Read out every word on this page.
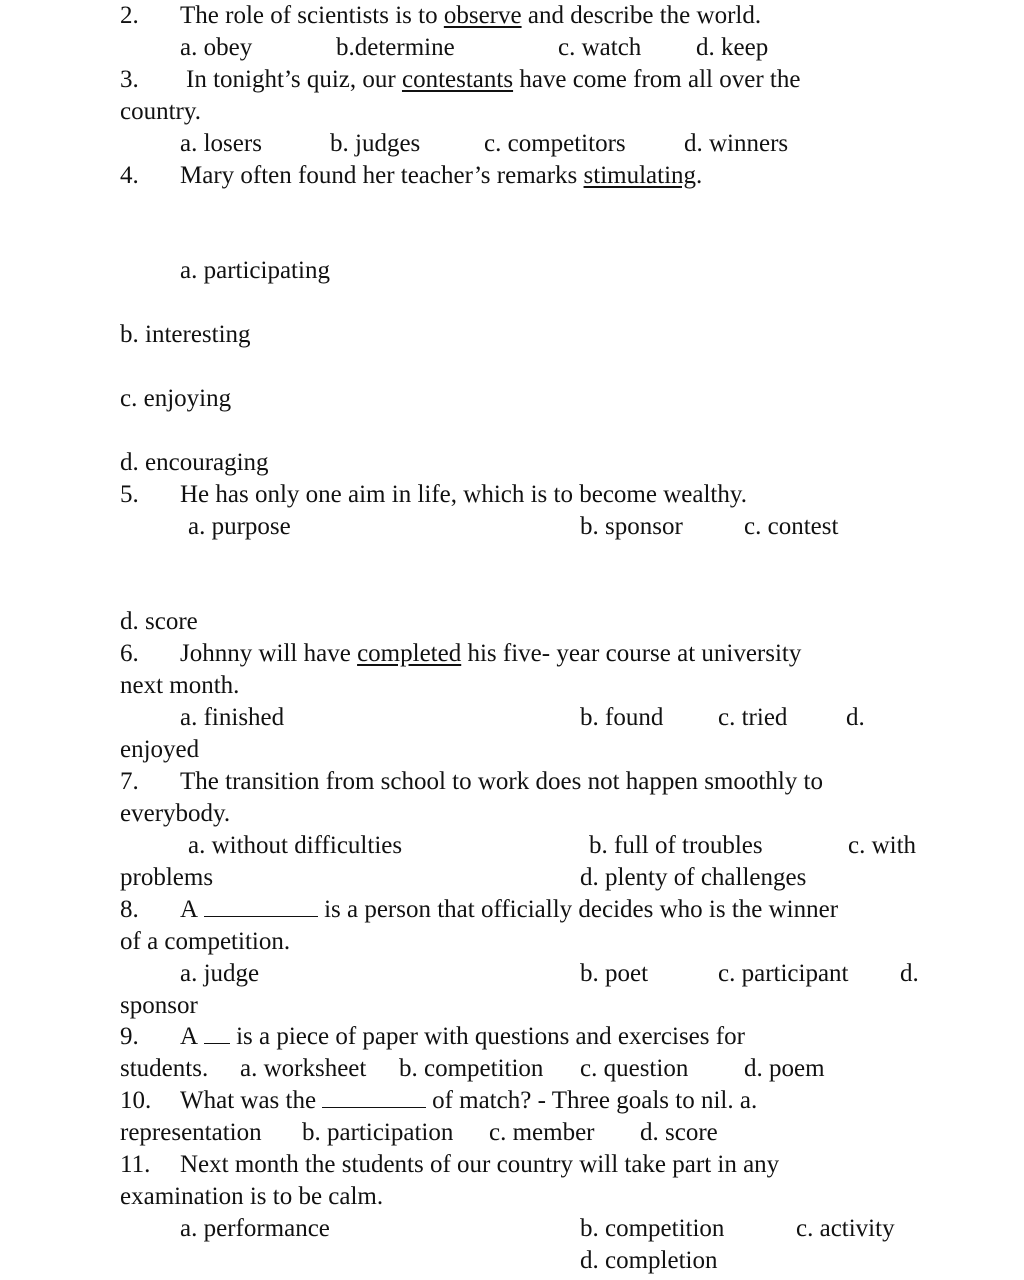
2. The role of scientists is to observe and describe the world.
a. obey	b.determine	c. watch d. keep
3. In tonight’s quiz, our contestants have come from all over the
country.
a. losers	b. judges	c. competitors d. winners
4. Mary often found her teacher’s remarks stimulating.
a. participating
b. interesting
c. enjoying
d. encouraging
5. He has only one aim in life, which is to become wealthy.
a. purpose	b. sponsor c. contest
d. score
6. Johnny will have completed his five- year course at university
next month.
a. finished	b. found c. tried d.
enjoyed
7. The transition from school to work does not happen smoothly to
everybody.
a. without difficulties	b. full of troubles	c. with
problems	d. plenty of challenges
8. A	is a person that officially decides who is the winner
of a competition.
a. judge	b. poet	c. participant d.
sponsor
9. A is a piece of paper with questions and exercises for
students. a. worksheet b. competition c. question d. poem
10. What was the	of match? - Three goals to nil. a.
representation b. participation c. member d. score
11. Next month the students of our country will take part in any
examination is to be calm.
a. performance	b. competition	c. activity
d. completion
